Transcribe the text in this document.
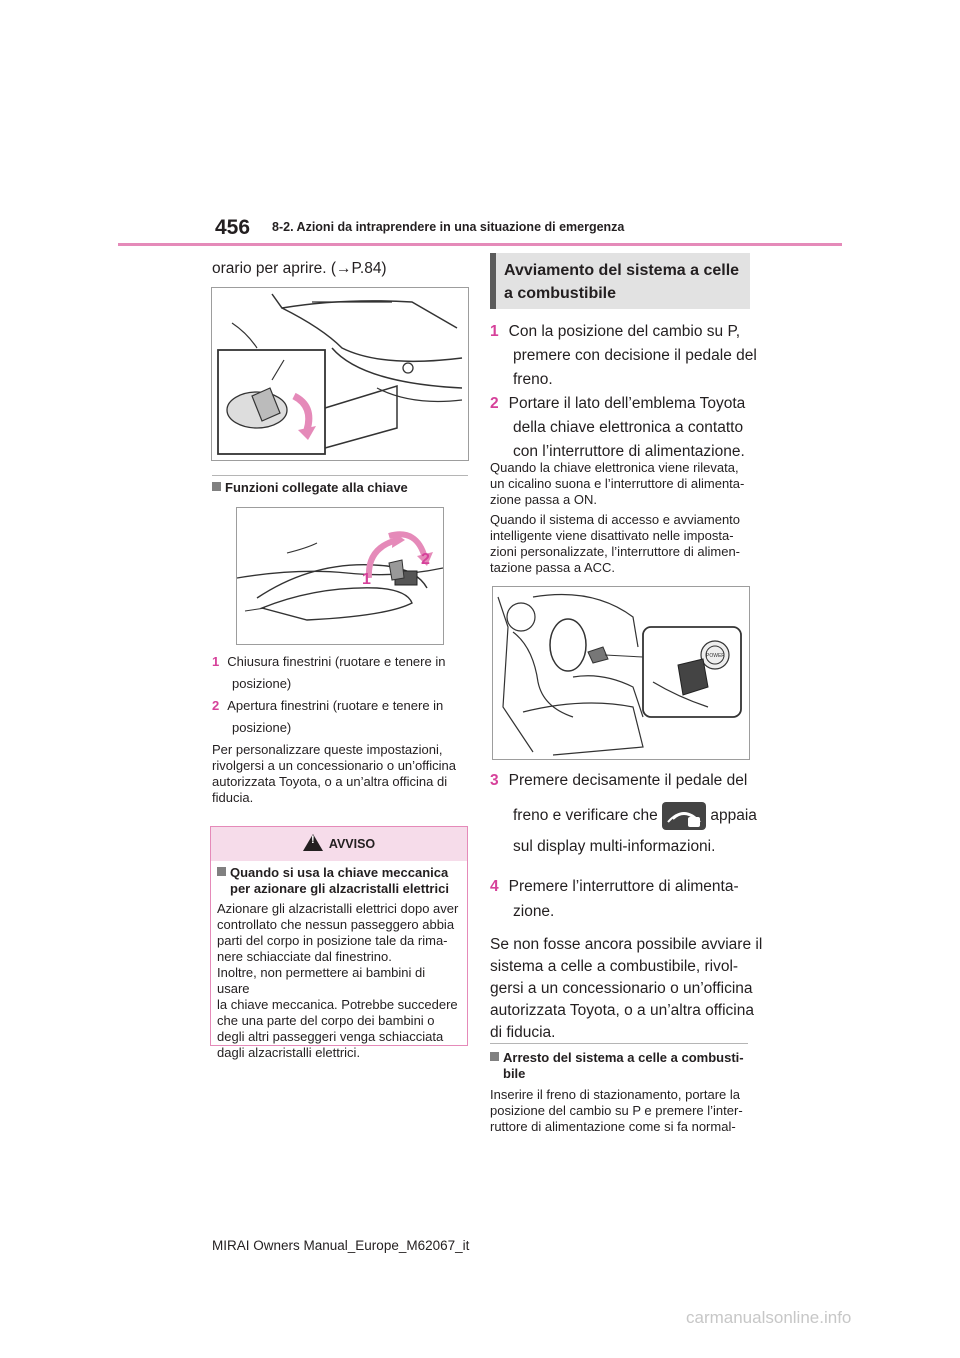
456 8-2. Azioni da intraprendere in una situazione di emergenza
orario per aprire. (→P.84)
Funzioni collegate alla chiave
1
2
1 Chiusura finestrini (ruotare e tenere in
posizione)
2 Apertura finestrini (ruotare e tenere in
posizione)
Per personalizzare queste impostazioni,
rivolgersi a un concessionario o un’officina
autorizzata Toyota, o a un’altra officina di
fiducia.
!	AVVISO
Quando si usa la chiave meccanica
per azionare gli alzacristalli elettrici
Azionare gli alzacristalli elettrici dopo aver
controllato che nessun passeggero abbia
parti del corpo in posizione tale da rima-
nere schiacciate dal finestrino.
Inoltre, non permettere ai bambini di usare
la chiave meccanica. Potrebbe succedere
che una parte del corpo dei bambini o
degli altri passeggeri venga schiacciata
dagli alzacristalli elettrici.
Avviamento del sistema a celle
a combustibile
1 Con la posizione del cambio su P,
premere con decisione il pedale del
freno.
2 Portare il lato dell’emblema Toyota
della chiave elettronica a contatto
con l’interruttore di alimentazione.
Quando la chiave elettronica viene rilevata,
un cicalino suona e l’interruttore di alimenta-
zione passa a ON.
Quando il sistema di accesso e avviamento
intelligente viene disattivato nelle imposta-
zioni personalizzate, l’interruttore di alimen-
tazione passa a ACC.
POWER
3 Premere decisamente il pedale del
freno e verificare che	appaia
sul display multi-informazioni.
4 Premere l’interruttore di alimenta-
zione.
Se non fosse ancora possibile avviare il
sistema a celle a combustibile, rivol-
gersi a un concessionario o un’officina
autorizzata Toyota, o a un’altra officina
di fiducia.
Arresto del sistema a celle a combusti-
bile
Inserire il freno di stazionamento, portare la
posizione del cambio su P e premere l’inter-
ruttore di alimentazione come si fa normal-
MIRAI Owners Manual_Europe_M62067_it
carmanualsonline.info
